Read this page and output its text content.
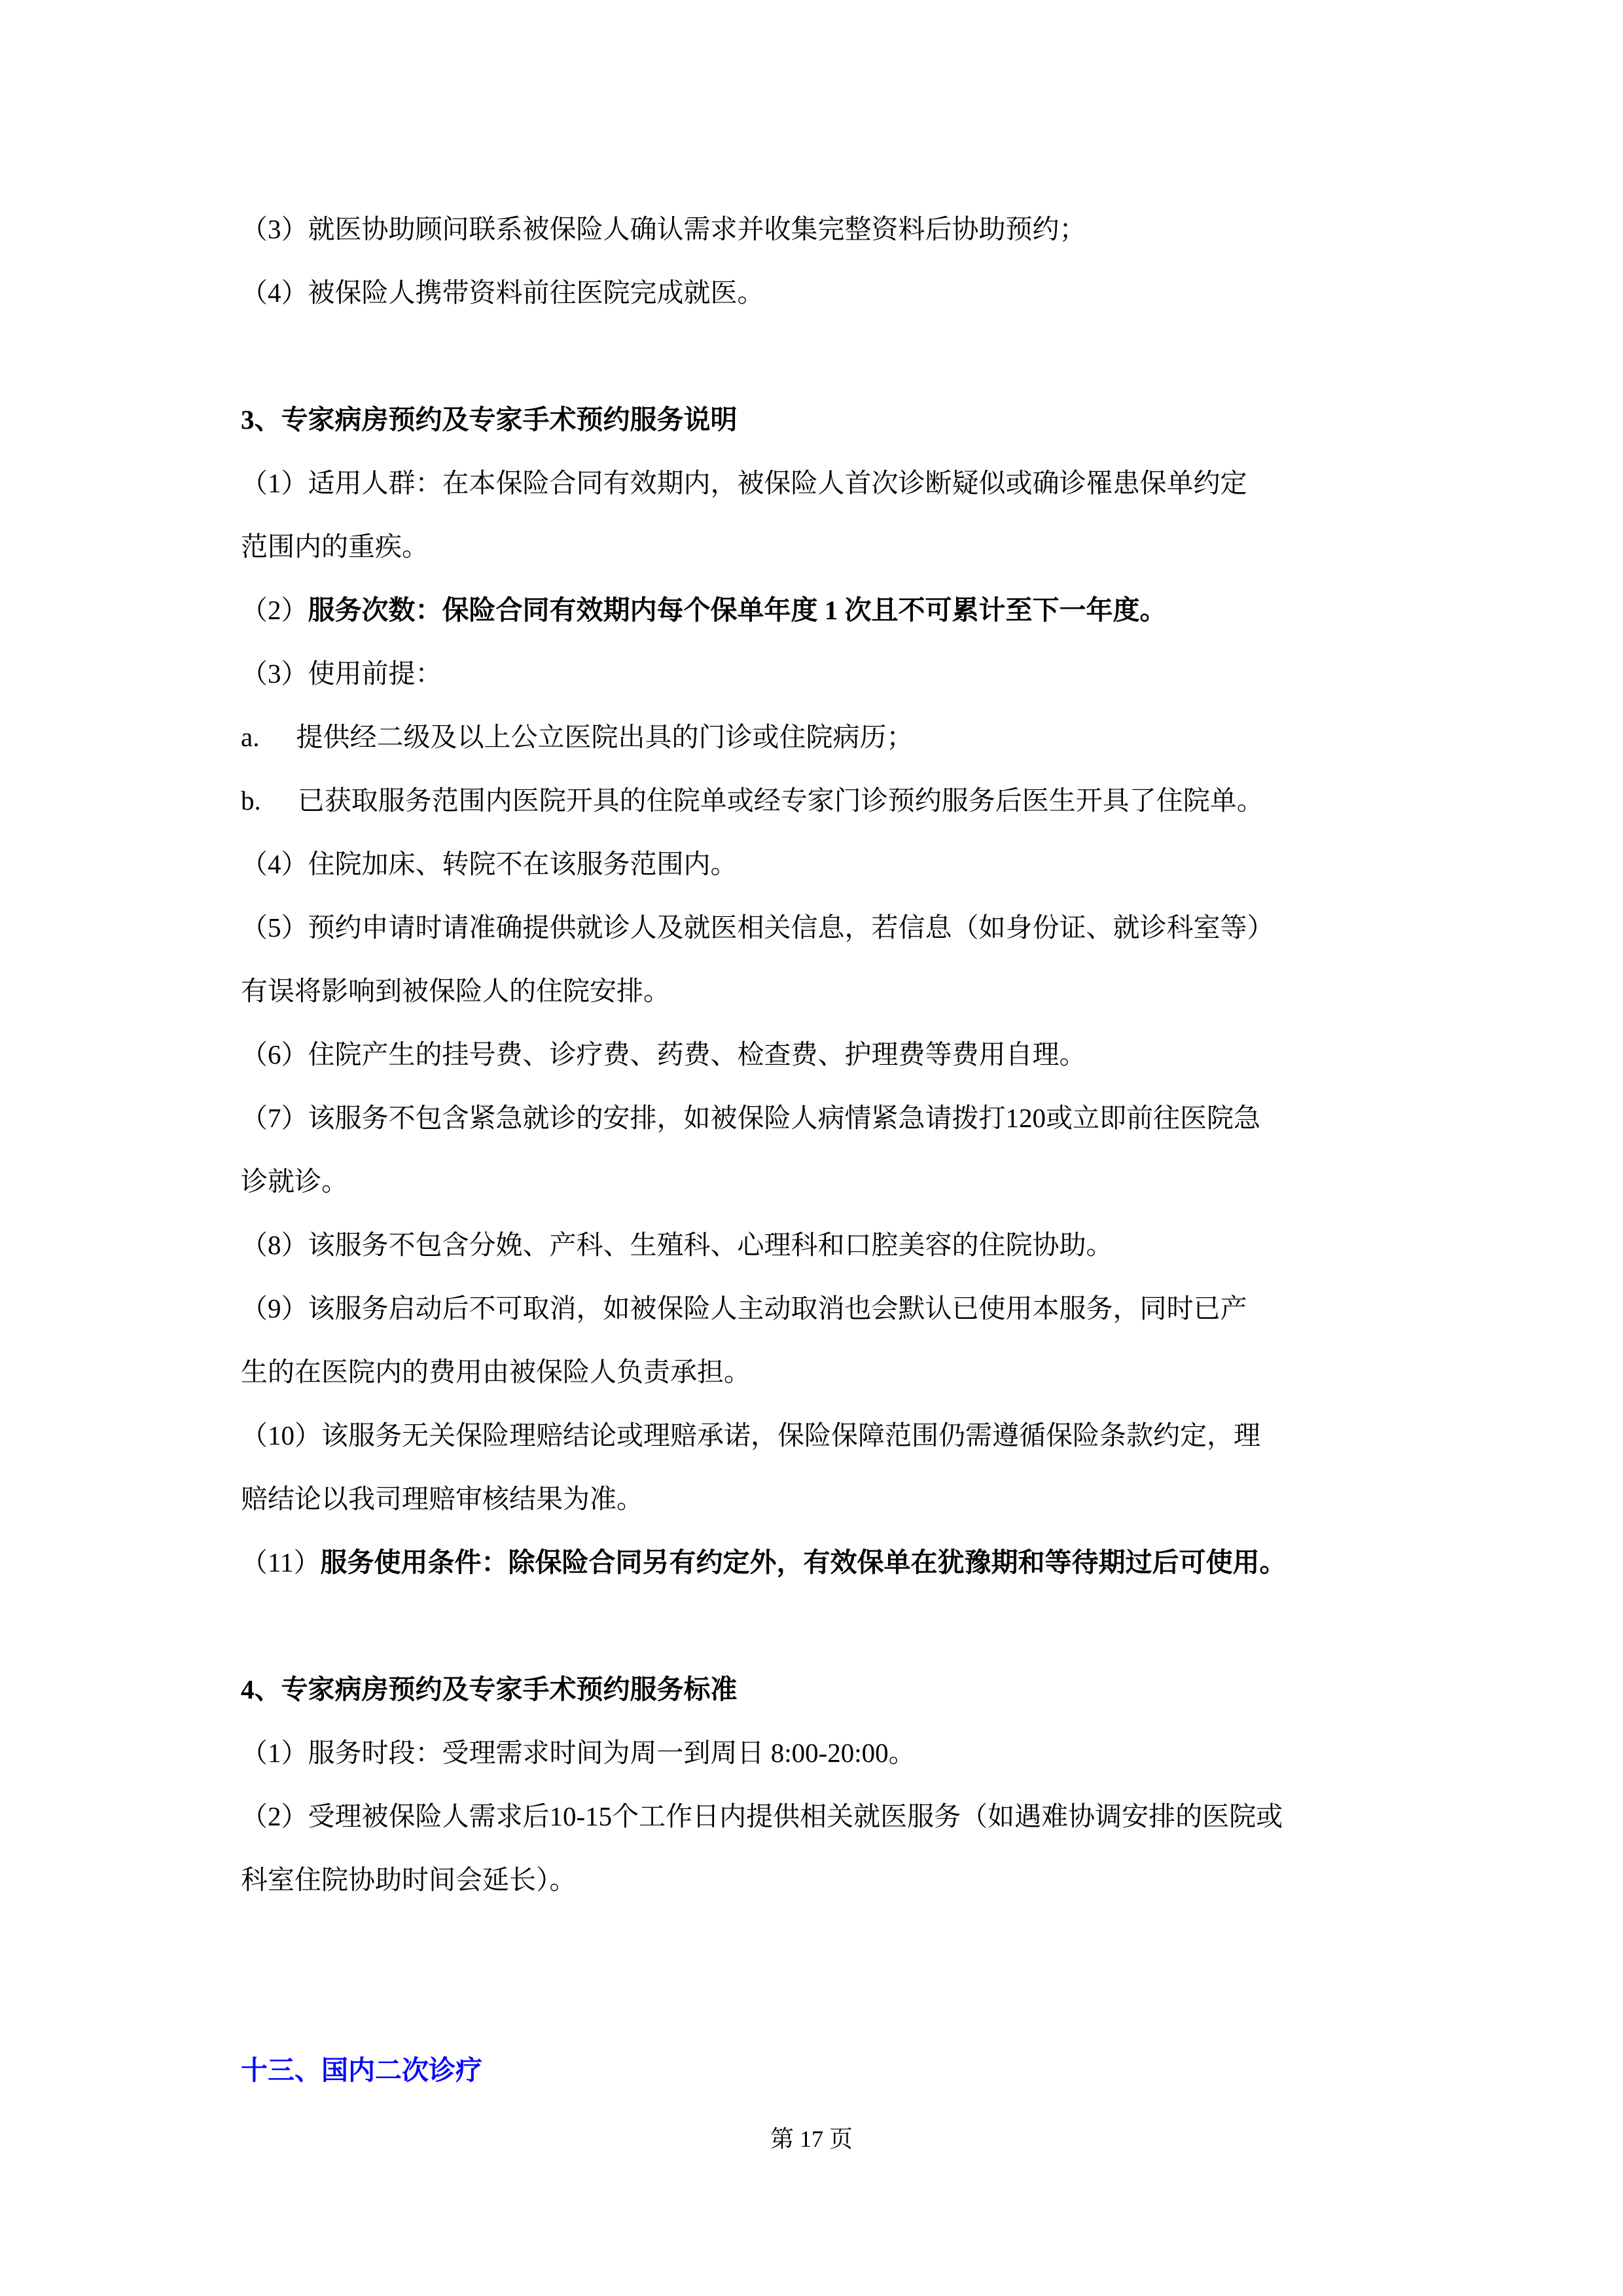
（3）就医协助顾问联系被保险人确认需求并收集完整资料后协助预约；

（4）被保险人携带资料前往医院完成就医。

3、专家病房预约及专家手术预约服务说明

（1）适用人群：在本保险合同有效期内，被保险人首次诊断疑似或确诊罹患保单约定

范围内的重疾。

（2）服务次数：保险合同有效期内每个保单年度 1 次且不可累计至下一年度。

（3）使用前提：

a. 提供经二级及以上公立医院出具的门诊或住院病历；

b. 已获取服务范围内医院开具的住院单或经专家门诊预约服务后医生开具了住院单。

（4）住院加床、转院不在该服务范围内。

（5）预约申请时请准确提供就诊人及就医相关信息，若信息（如身份证、就诊科室等）

有误将影响到被保险人的住院安排。

（6）住院产生的挂号费、诊疗费、药费、检查费、护理费等费用自理。

（7）该服务不包含紧急就诊的安排，如被保险人病情紧急请拨打120或立即前往医院急

诊就诊。

（8）该服务不包含分娩、产科、生殖科、心理科和口腔美容的住院协助。

（9）该服务启动后不可取消，如被保险人主动取消也会默认已使用本服务，同时已产

生的在医院内的费用由被保险人负责承担。

（10）该服务无关保险理赔结论或理赔承诺，保险保障范围仍需遵循保险条款约定，理

赔结论以我司理赔审核结果为准。

（11）服务使用条件：除保险合同另有约定外，有效保单在犹豫期和等待期过后可使用。

4、专家病房预约及专家手术预约服务标准

（1）服务时段：受理需求时间为周一到周日 8:00-20:00。

（2）受理被保险人需求后10-15个工作日内提供相关就医服务（如遇难协调安排的医院或

科室住院协助时间会延长）。

十三、国内二次诊疗

第 17 页
